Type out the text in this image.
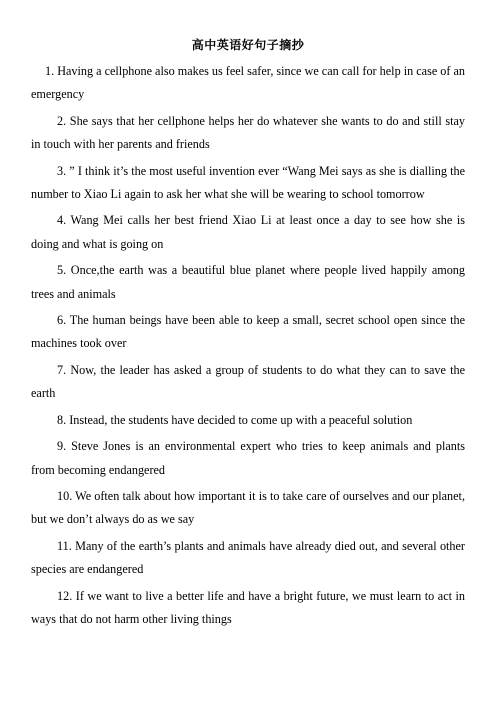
高中英语好句子摘抄

1. Having a cellphone also makes us feel safer, since we can call for help in case of an emergency

2. She says that her cellphone helps her do whatever she wants to do and still stay in touch with her parents and friends

3. ” I think it’s the most useful invention ever “Wang Mei says as she is dialling the number to Xiao Li again to ask her what she will be wearing to school tomorrow

4. Wang Mei calls her best friend Xiao Li at least once a day to see how she is doing and what is going on

5. Once,the earth was a beautiful blue planet where people lived happily among trees and animals

6. The human beings have been able to keep a small, secret school open since the machines took over

7. Now, the leader has asked a group of students to do what they can to save the earth

8. Instead, the students have decided to come up with a peaceful solution

9. Steve Jones is an environmental expert who tries to keep animals and plants from becoming endangered

10. We often talk about how important it is to take care of ourselves and our planet, but we don’t always do as we say

11. Many of the earth’s plants and animals have already died out, and several other species are endangered

12. If we want to live a better life and have a bright future, we must learn to act in ways that do not harm other living things
